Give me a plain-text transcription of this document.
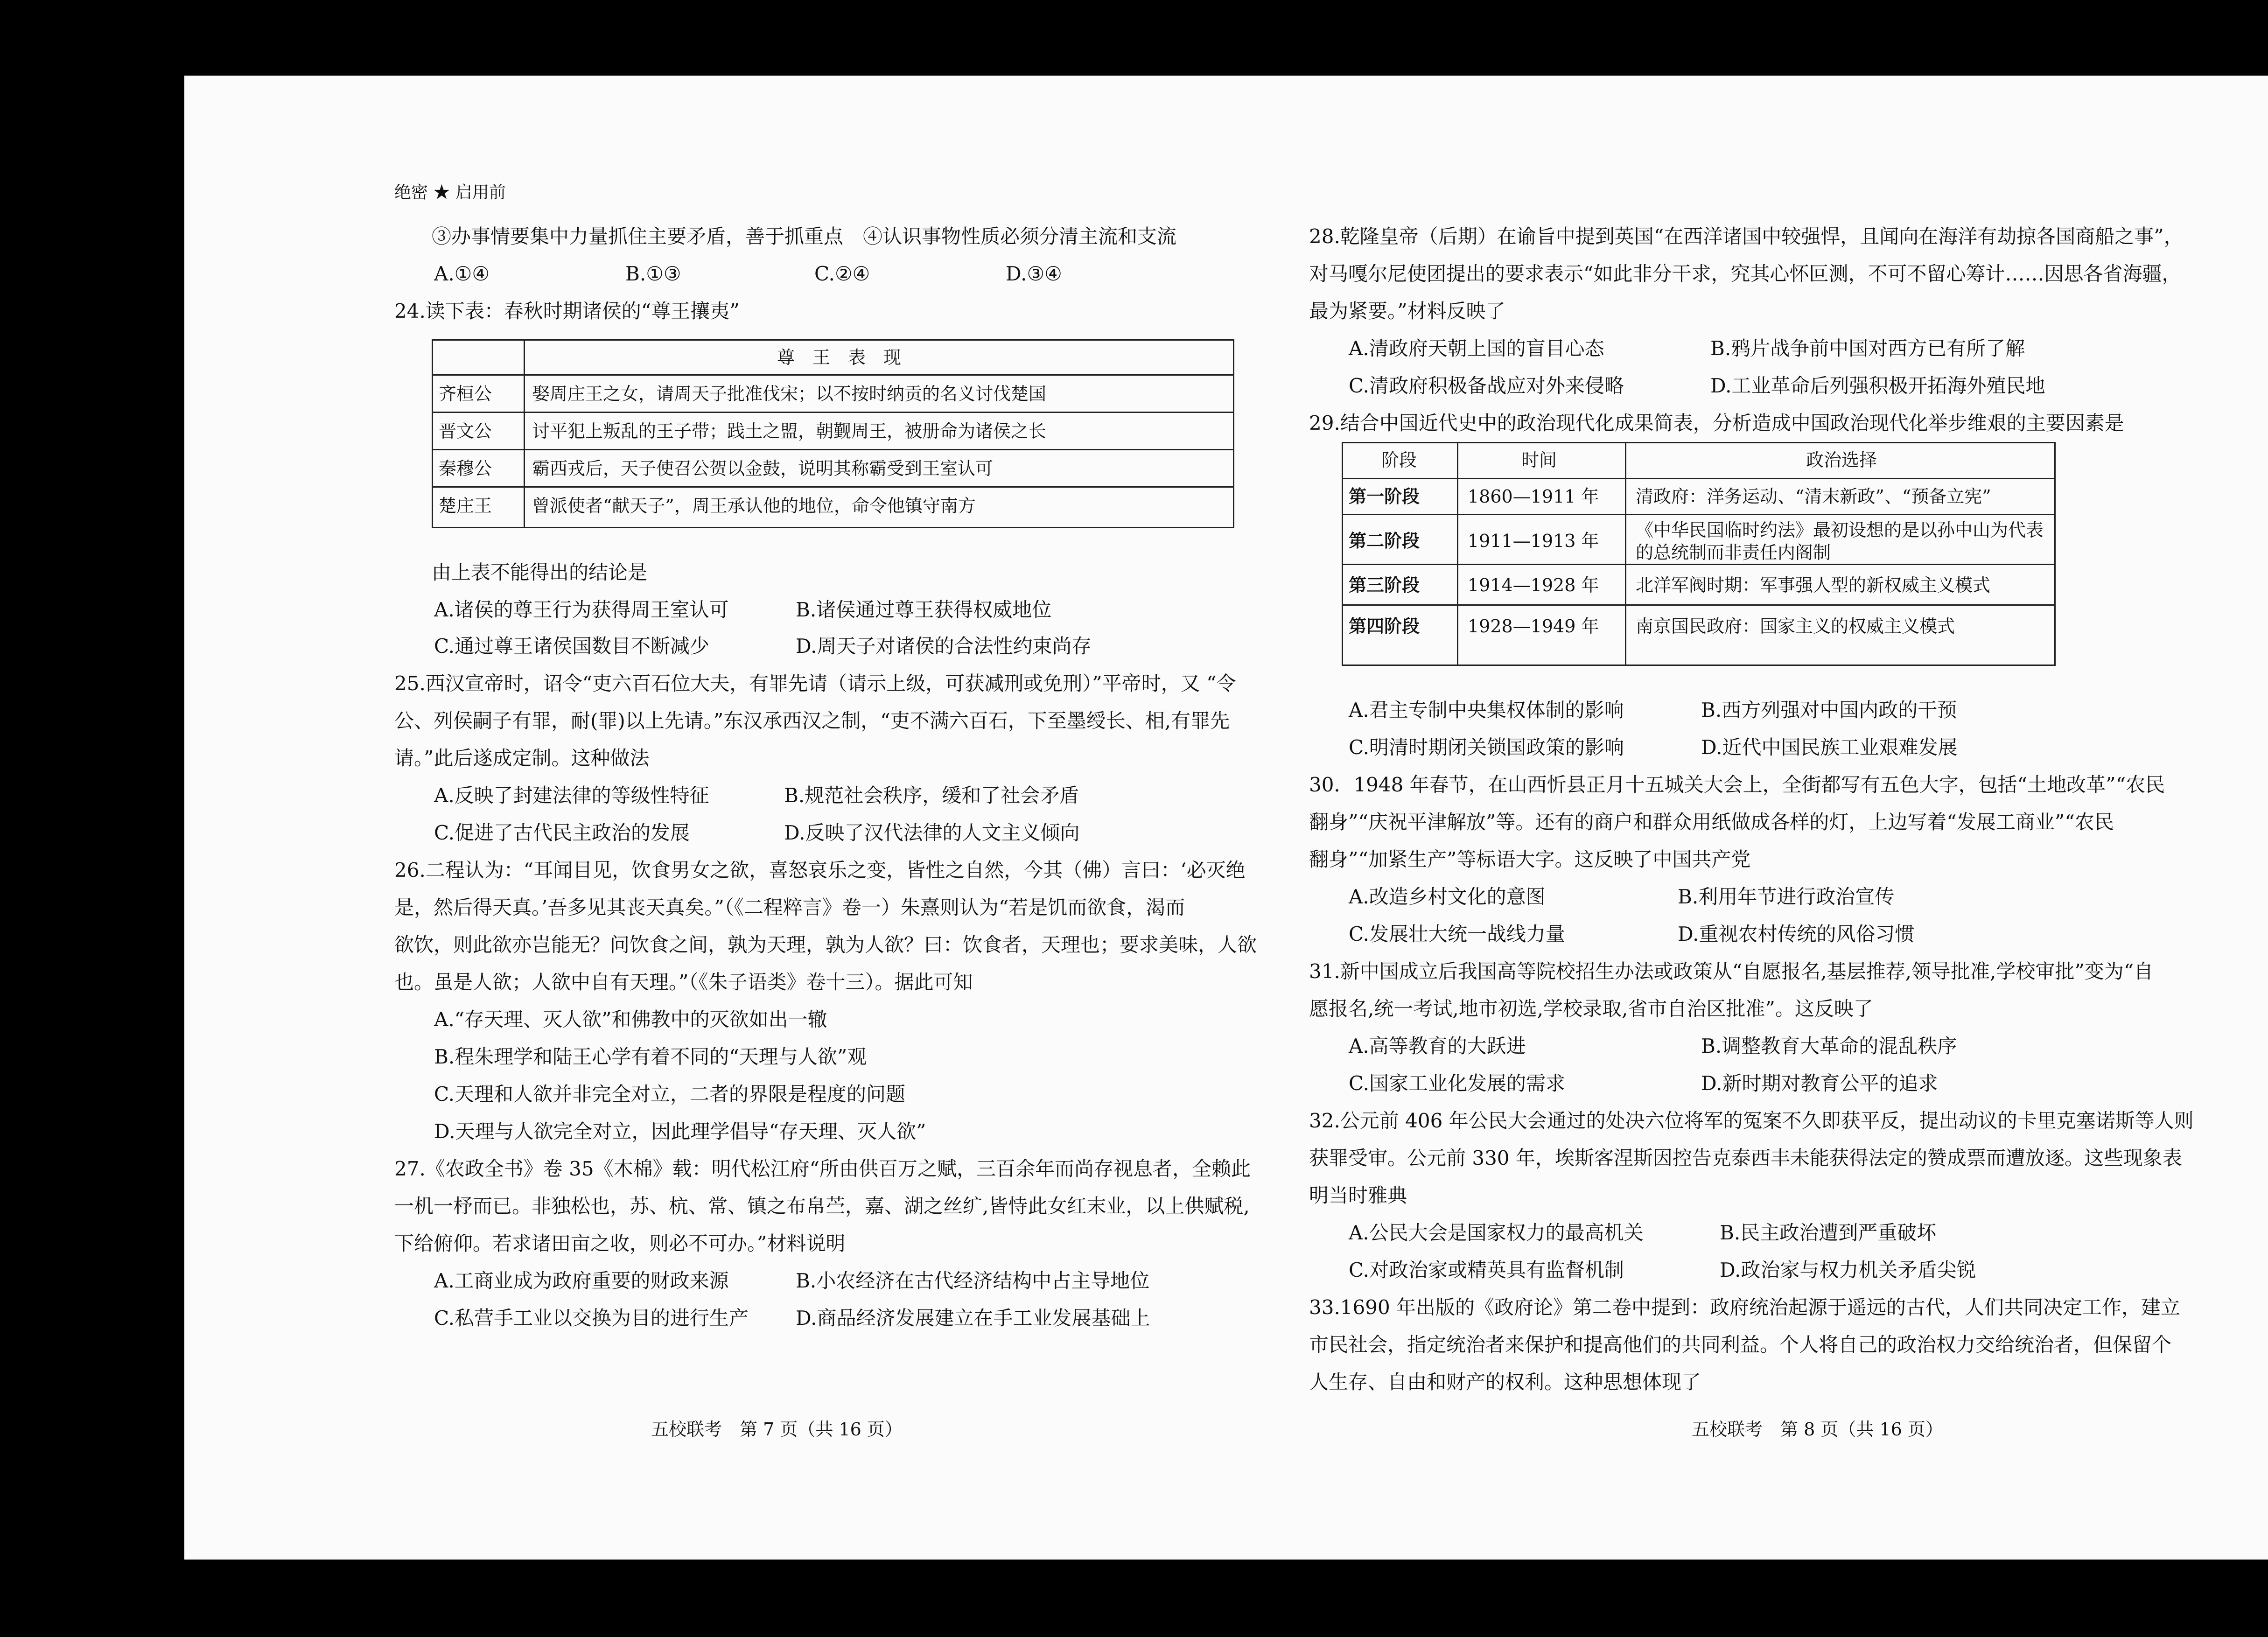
绝密 ★ 启用前
③办事情要集中力量抓住主要矛盾，善于抓重点　④认识事物性质必须分清主流和支流
A.①④	B.①③	C.②④	D.③④
24.读下表：春秋时期诸侯的“尊王攘夷”
尊　王　表　现
齐桓公 娶周庄王之女，请周天子批准伐宋；以不按时纳贡的名义讨伐楚国
晋文公 讨平犯上叛乱的王子带；践土之盟，朝觐周王，被册命为诸侯之长
秦穆公 霸西戎后，天子使召公贺以金鼓，说明其称霸受到王室认可
楚庄王 曾派使者“献天子”，周王承认他的地位，命令他镇守南方
由上表不能得出的结论是
A.诸侯的尊王行为获得周王室认可	B.诸侯通过尊王获得权威地位
C.通过尊王诸侯国数目不断减少	D.周天子对诸侯的合法性约束尚存
25.西汉宣帝时，诏令“吏六百石位大夫，有罪先请（请示上级，可获减刑或免刑）”平帝时，又 “令
公、列侯嗣子有罪，耐(罪)以上先请。”东汉承西汉之制，“吏不满六百石，下至墨绶长、相,有罪先
请。”此后遂成定制。这种做法
A.反映了封建法律的等级性特征	B.规范社会秩序，缓和了社会矛盾
C.促进了古代民主政治的发展	D.反映了汉代法律的人文主义倾向
26.二程认为：“耳闻目见，饮食男女之欲，喜怒哀乐之变，皆性之自然，今其（佛）言曰：‘必灭绝
是，然后得天真。’吾多见其丧天真矣。”（《二程粹言》卷一）朱熹则认为“若是饥而欲食，渴而
欲饮，则此欲亦岂能无？问饮食之间，孰为天理，孰为人欲？曰：饮食者，天理也；要求美味，人欲
也。虽是人欲；人欲中自有天理。”（《朱子语类》卷十三）。据此可知
A.“存天理、灭人欲”和佛教中的灭欲如出一辙
B.程朱理学和陆王心学有着不同的“天理与人欲”观
C.天理和人欲并非完全对立，二者的界限是程度的问题
D.天理与人欲完全对立，因此理学倡导“存天理、灭人欲”
27.《农政全书》卷 35《木棉》载：明代松江府“所由供百万之赋，三百余年而尚存视息者，全赖此
一机一杼而已。非独松也，苏、杭、常、镇之布帛苎，嘉、湖之丝纩,皆恃此女红末业，以上供赋税,
下给俯仰。若求诸田亩之收，则必不可办。”材料说明
A.工商业成为政府重要的财政来源	B.小农经济在古代经济结构中占主导地位
C.私营手工业以交换为目的进行生产 D.商品经济发展建立在手工业发展基础上
五校联考　第 7 页（共 16 页）
28.乾隆皇帝（后期）在谕旨中提到英国“在西洋诸国中较强悍，且闻向在海洋有劫掠各国商船之事”，
对马嘎尔尼使团提出的要求表示“如此非分干求，究其心怀叵测，不可不留心筹计……因思各省海疆，
最为紧要。”材料反映了
A.清政府天朝上国的盲目心态	B.鸦片战争前中国对西方已有所了解
C.清政府积极备战应对外来侵略	D.工业革命后列强积极开拓海外殖民地
29.结合中国近代史中的政治现代化成果简表，分析造成中国政治现代化举步维艰的主要因素是
阶段	时间	政治选择
第一阶段	1860—1911 年 清政府：洋务运动、“清末新政”、“预备立宪”
第二阶段	1911—1913 年
《中华民国临时约法》最初设想的是以孙中山为代表
的总统制而非责任内阁制
第三阶段	1914—1928 年 北洋军阀时期：军事强人型的新权威主义模式
第四阶段	1928—1949 年 南京国民政府：国家主义的权威主义模式
A.君主专制中央集权体制的影响	B.西方列强对中国内政的干预
C.明清时期闭关锁国政策的影响	D.近代中国民族工业艰难发展
30．1948 年春节，在山西忻县正月十五城关大会上，全街都写有五色大字，包括“土地改革”“农民
翻身”“庆祝平津解放”等。还有的商户和群众用纸做成各样的灯，上边写着“发展工商业”“农民
翻身”“加紧生产”等标语大字。这反映了中国共产党
A.改造乡村文化的意图	B.利用年节进行政治宣传
C.发展壮大统一战线力量	D.重视农村传统的风俗习惯
31.新中国成立后我国高等院校招生办法或政策从“自愿报名,基层推荐,领导批准,学校审批”变为“自
愿报名,统一考试,地市初选,学校录取,省市自治区批准”。这反映了
A.高等教育的大跃进	B.调整教育大革命的混乱秩序
C.国家工业化发展的需求	D.新时期对教育公平的追求
32.公元前 406 年公民大会通过的处决六位将军的冤案不久即获平反，提出动议的卡里克塞诺斯等人则
获罪受审。公元前 330 年，埃斯客涅斯因控告克泰西丰未能获得法定的赞成票而遭放逐。这些现象表
明当时雅典
A.公民大会是国家权力的最高机关	B.民主政治遭到严重破坏
C.对政治家或精英具有监督机制	D.政治家与权力机关矛盾尖锐
33.1690 年出版的《政府论》第二卷中提到：政府统治起源于遥远的古代，人们共同决定工作，建立
市民社会，指定统治者来保护和提高他们的共同利益。个人将自己的政治权力交给统治者，但保留个
人生存、自由和财产的权利。这种思想体现了
五校联考　第 8 页（共 16 页）
